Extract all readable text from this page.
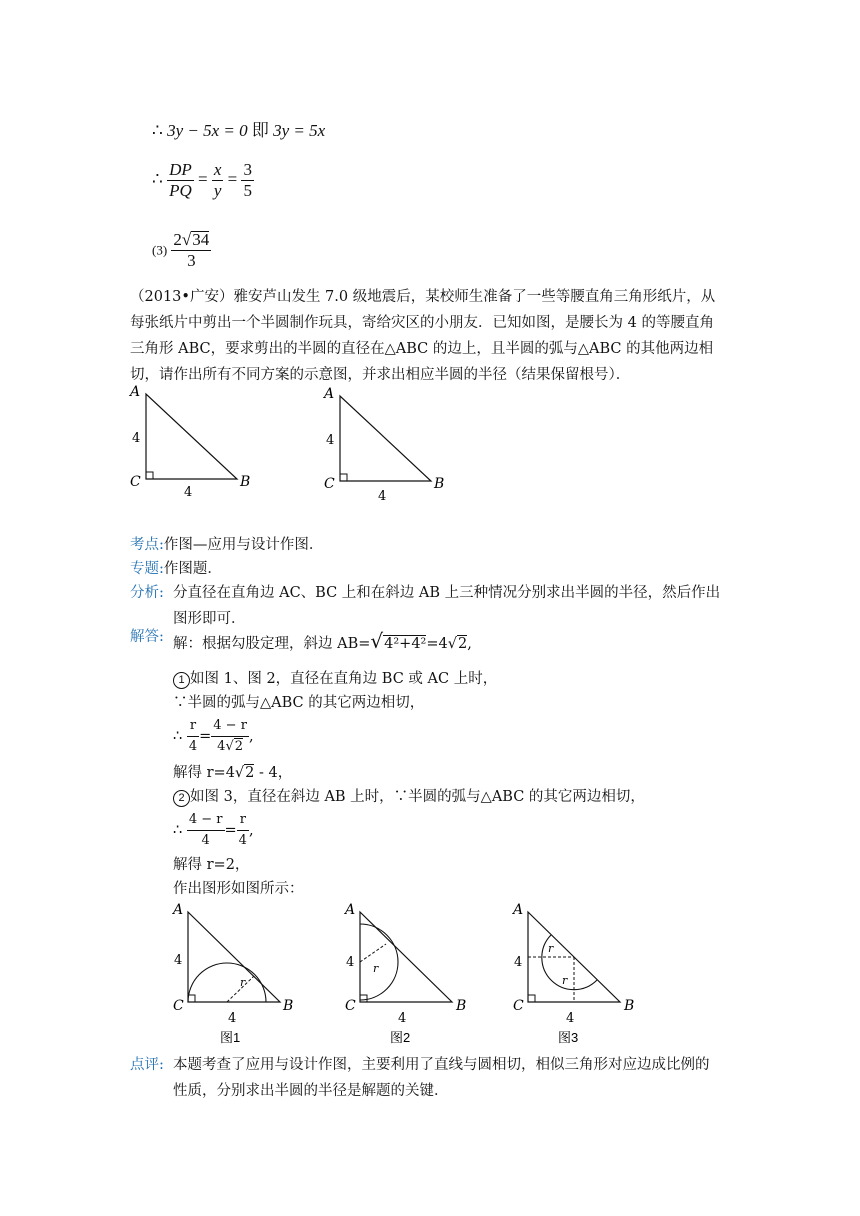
∴ 3y − 5x = 0 即 3y = 5x
∴ $\frac{DP}{PQ} = \frac{x}{y} = \frac{3}{5}$
$(3) \frac{2√34}{3}$
（2013•广安）雅安芦山发生 7.0 级地震后，某校师生准备了一些等腰直角三角形纸片，从
每张纸片中剪出一个半圆制作玩具，寄给灾区的小朋友．已知如图，是腰长为 4 的等腰直角
三角形 ABC，要求剪出的半圆的直径在△ABC 的边上，且半圆的弧与△ABC 的其他两边相
切，请作出所有不同方案的示意图，并求出相应半圆的半径（结果保留根号）．
A
C	B
4
4
A
C	B
4
4
考点:作图—应用与设计作图．
专题:作图题．
分析: 分直径在直角边 AC、BC 上和在斜边 AB 上三种情况分别求出半圆的半径，然后作出
图形即可．
解答: 解：根据勾股定理，斜边 AB=√4²+4²=4√2,
1 如图 1、图 2，直径在直角边 BC 或 AC 上时，
∵半圆的弧与△ABC 的其它两边相切，
∴ $\frac{r}{4} = \frac{4 - r}{4√2}$ ,
解得 r=4√2 - 4，
2 如图 3，直径在斜边 AB 上时，∵半圆的弧与△ABC 的其它两边相切，
∴ $\frac{4 - r}{4} = \frac{r}{4}$ ,
解得 r=2，
作出图形如图所示：
r
A
C	B
4
4
图1
r
A
C	B
4
4
图2
r
r
A
C	B
4
4
图3
点评: 本题考查了应用与设计作图，主要利用了直线与圆相切，相似三角形对应边成比例的
性质，分别求出半圆的半径是解题的关键．
